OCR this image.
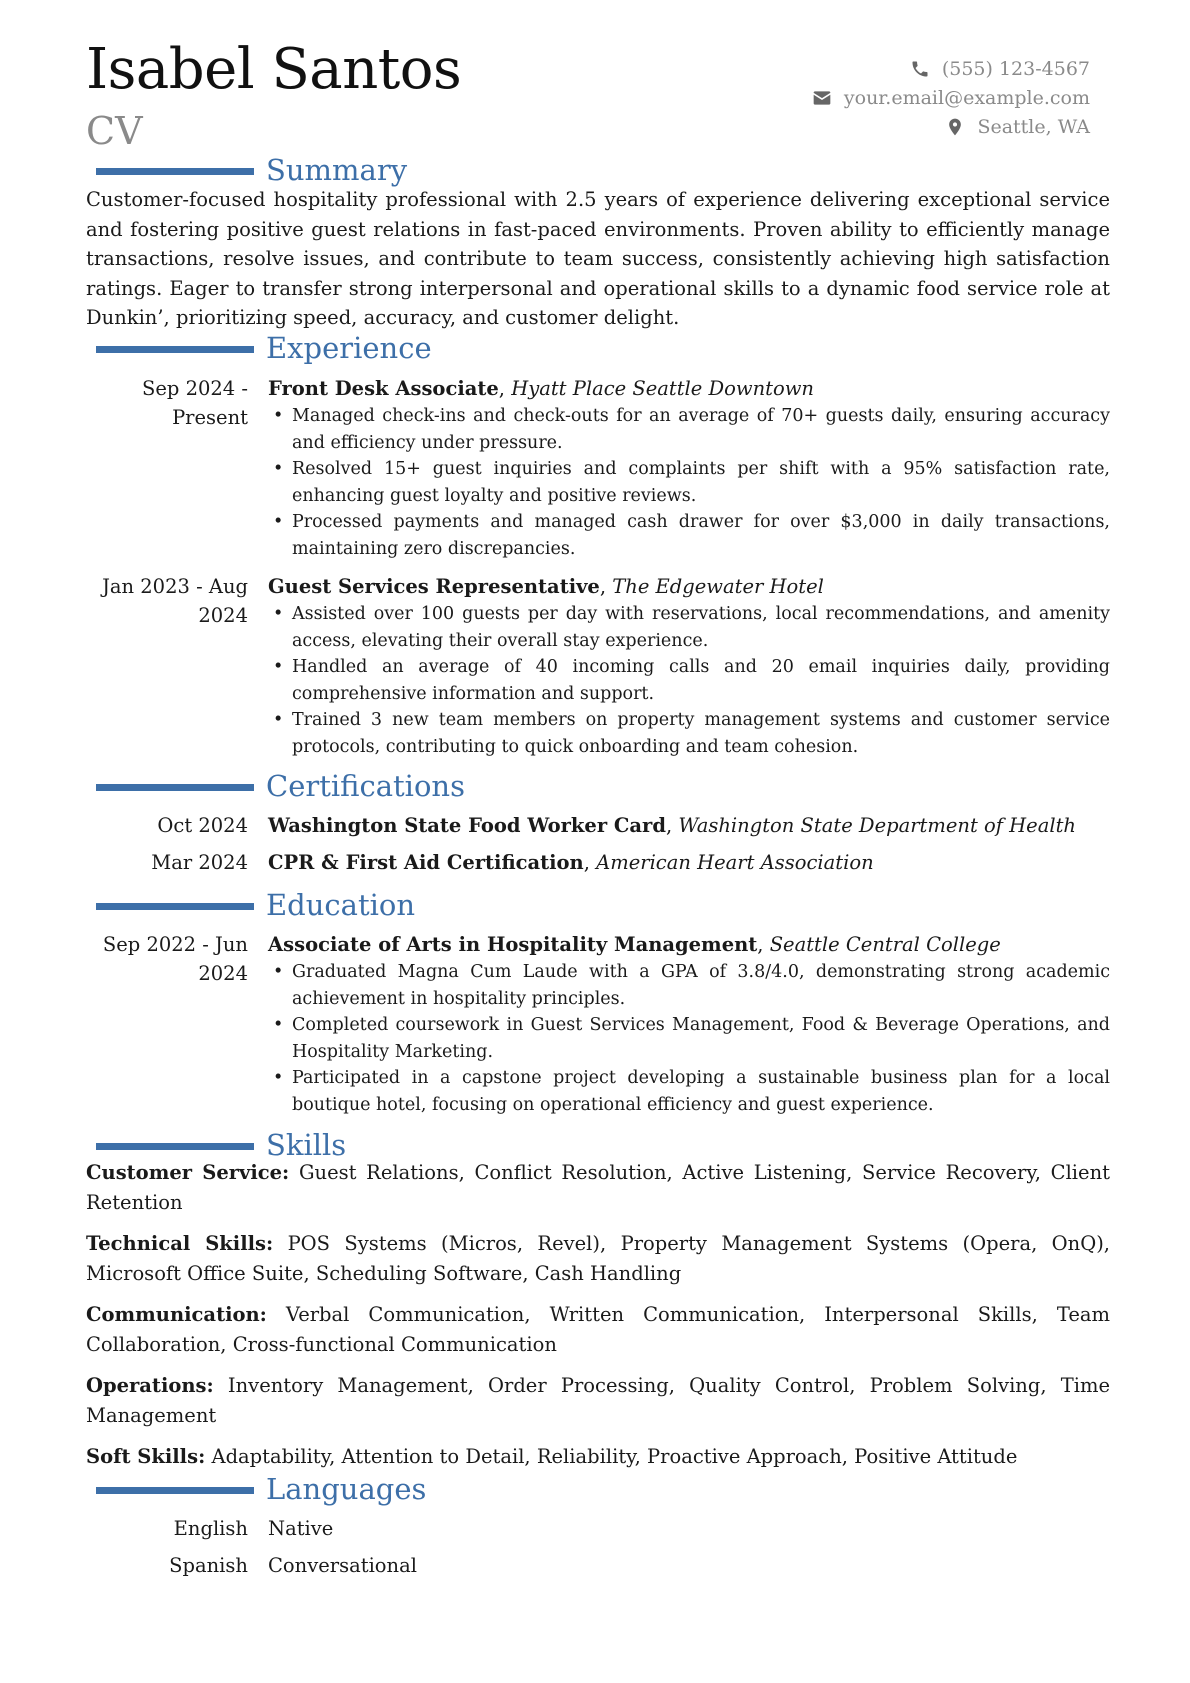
Isabel Santos
CV
(555) 123-4567
your.email@example.com
Seattle, WA
Summary
Customer-focused hospitality professional with 2.5 years of experience delivering exceptional service and fostering positive guest relations in fast-paced environments. Proven ability to efficiently manage transactions, resolve issues, and contribute to team success, consistently achieving high satisfaction ratings. Eager to transfer strong interpersonal and operational skills to a dynamic food service role at Dunkin’, prioritizing speed, accuracy, and customer delight.
Experience
Sep 2024 - Present
Front Desk Associate, Hyatt Place Seattle Downtown
• Managed check-ins and check-outs for an average of 70+ guests daily, ensuring accuracy and efficiency under pressure.
• Resolved 15+ guest inquiries and complaints per shift with a 95% satisfaction rate, enhancing guest loyalty and positive reviews.
• Processed payments and managed cash drawer for over $3,000 in daily transactions, maintaining zero discrepancies.
Jan 2023 - Aug 2024
Guest Services Representative, The Edgewater Hotel
• Assisted over 100 guests per day with reservations, local recommendations, and amenity access, elevating their overall stay experience.
• Handled an average of 40 incoming calls and 20 email inquiries daily, providing comprehensive information and support.
• Trained 3 new team members on property management systems and customer service protocols, contributing to quick onboarding and team cohesion.
Certifications
Oct 2024 Washington State Food Worker Card, Washington State Department of Health
Mar 2024 CPR & First Aid Certification, American Heart Association
Education
Sep 2022 - Jun 2024
Associate of Arts in Hospitality Management, Seattle Central College
• Graduated Magna Cum Laude with a GPA of 3.8/4.0, demonstrating strong academic achievement in hospitality principles.
• Completed coursework in Guest Services Management, Food & Beverage Operations, and Hospitality Marketing.
• Participated in a capstone project developing a sustainable business plan for a local boutique hotel, focusing on operational efficiency and guest experience.
Skills
Customer Service: Guest Relations, Conflict Resolution, Active Listening, Service Recovery, Client Retention
Technical Skills: POS Systems (Micros, Revel), Property Management Systems (Opera, OnQ), Microsoft Office Suite, Scheduling Software, Cash Handling
Communication: Verbal Communication, Written Communication, Interpersonal Skills, Team Collaboration, Cross-functional Communication
Operations: Inventory Management, Order Processing, Quality Control, Problem Solving, Time Management
Soft Skills: Adaptability, Attention to Detail, Reliability, Proactive Approach, Positive Attitude
Languages
English Native
Spanish Conversational
